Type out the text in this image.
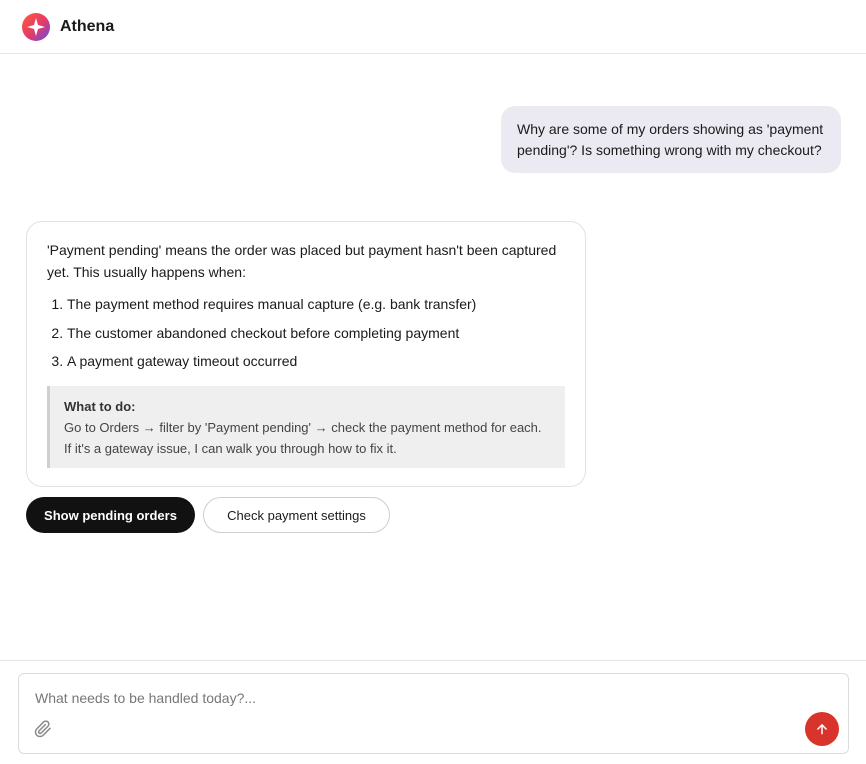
Athena
Why are some of my orders showing as 'payment pending'? Is something wrong with my checkout?

'Payment pending' means the order was placed but payment hasn't been captured yet. This usually happens when:

1. The payment method requires manual capture (e.g. bank transfer)
2. The customer abandoned checkout before completing payment
3. A payment gateway timeout occurred
What to do:
Go to Orders → filter by 'Payment pending' → check the payment method for each. If it's a gateway issue, I can walk you through how to fix it.
Show pending orders	Check payment settings
What needs to be handled today?...
